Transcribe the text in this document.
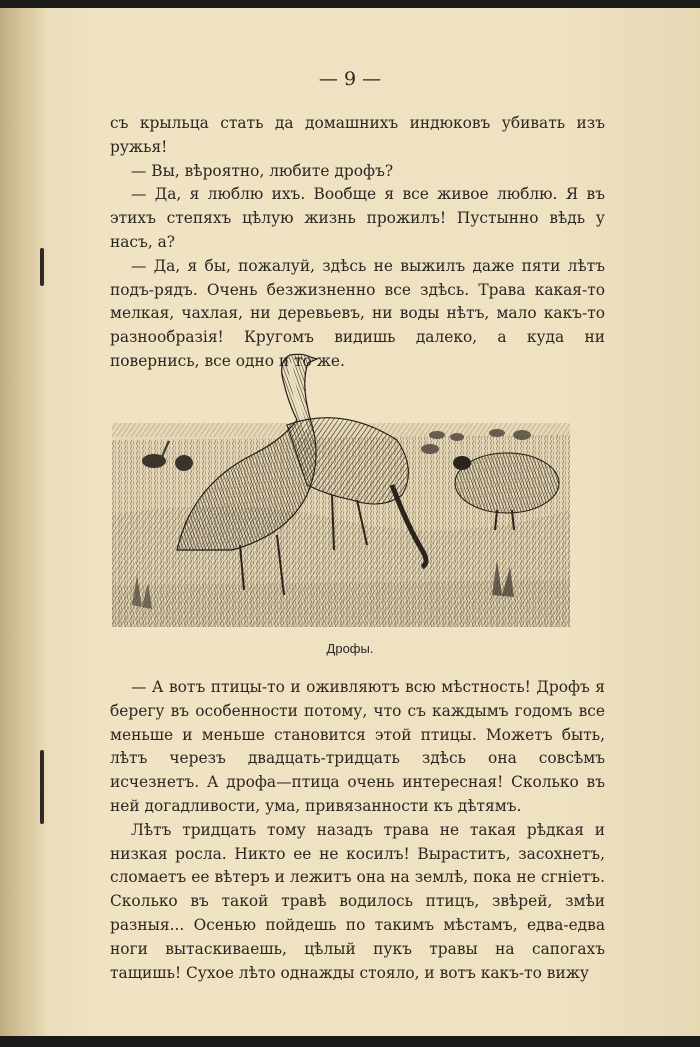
— 9 —

съ крыльца стать да домашнихъ индюковъ убивать изъ ружья!

— Вы, вѣроятно, любите дрофъ?

— Да, я люблю ихъ. Вообще я все живое люблю. Я въ этихъ степяхъ цѣлую жизнь прожилъ! Пустынно вѣдь у насъ, а?

— Да, я бы, пожалуй, здѣсь не выжилъ даже пяти лѣтъ подъ-рядъ. Очень безжизненно все здѣсь. Трава какая-то мелкая, чахлая, ни деревьевъ, ни воды нѣтъ, мало какъ-то разнообразія! Кругомъ видишь далеко, а куда ни повернись, все одно и то же.

Дрофы.

— А вотъ птицы-то и оживляютъ всю мѣстность! Дрофъ я берегу въ особенности потому, что съ каждымъ годомъ все меньше и меньше становится этой птицы. Можетъ быть, лѣтъ черезъ двадцать-тридцать здѣсь она совсѣмъ исчезнетъ. А дрофа—птица очень интересная! Сколько въ ней догадливости, ума, привязанности къ дѣтямъ.

Лѣтъ тридцать тому назадъ трава не такая рѣдкая и низкая росла. Никто ее не косилъ! Выраститъ, засохнетъ, сломаетъ ее вѣтеръ и лежитъ она на землѣ, пока не сгніетъ. Сколько въ такой травѣ водилось птицъ, звѣрей, змѣи разныя... Осенью пойдешь по такимъ мѣстамъ, едва-едва ноги вытаскиваешь, цѣлый пукъ травы на сапогахъ тащишь! Сухое лѣто однажды стояло, и вотъ какъ-то вижу
